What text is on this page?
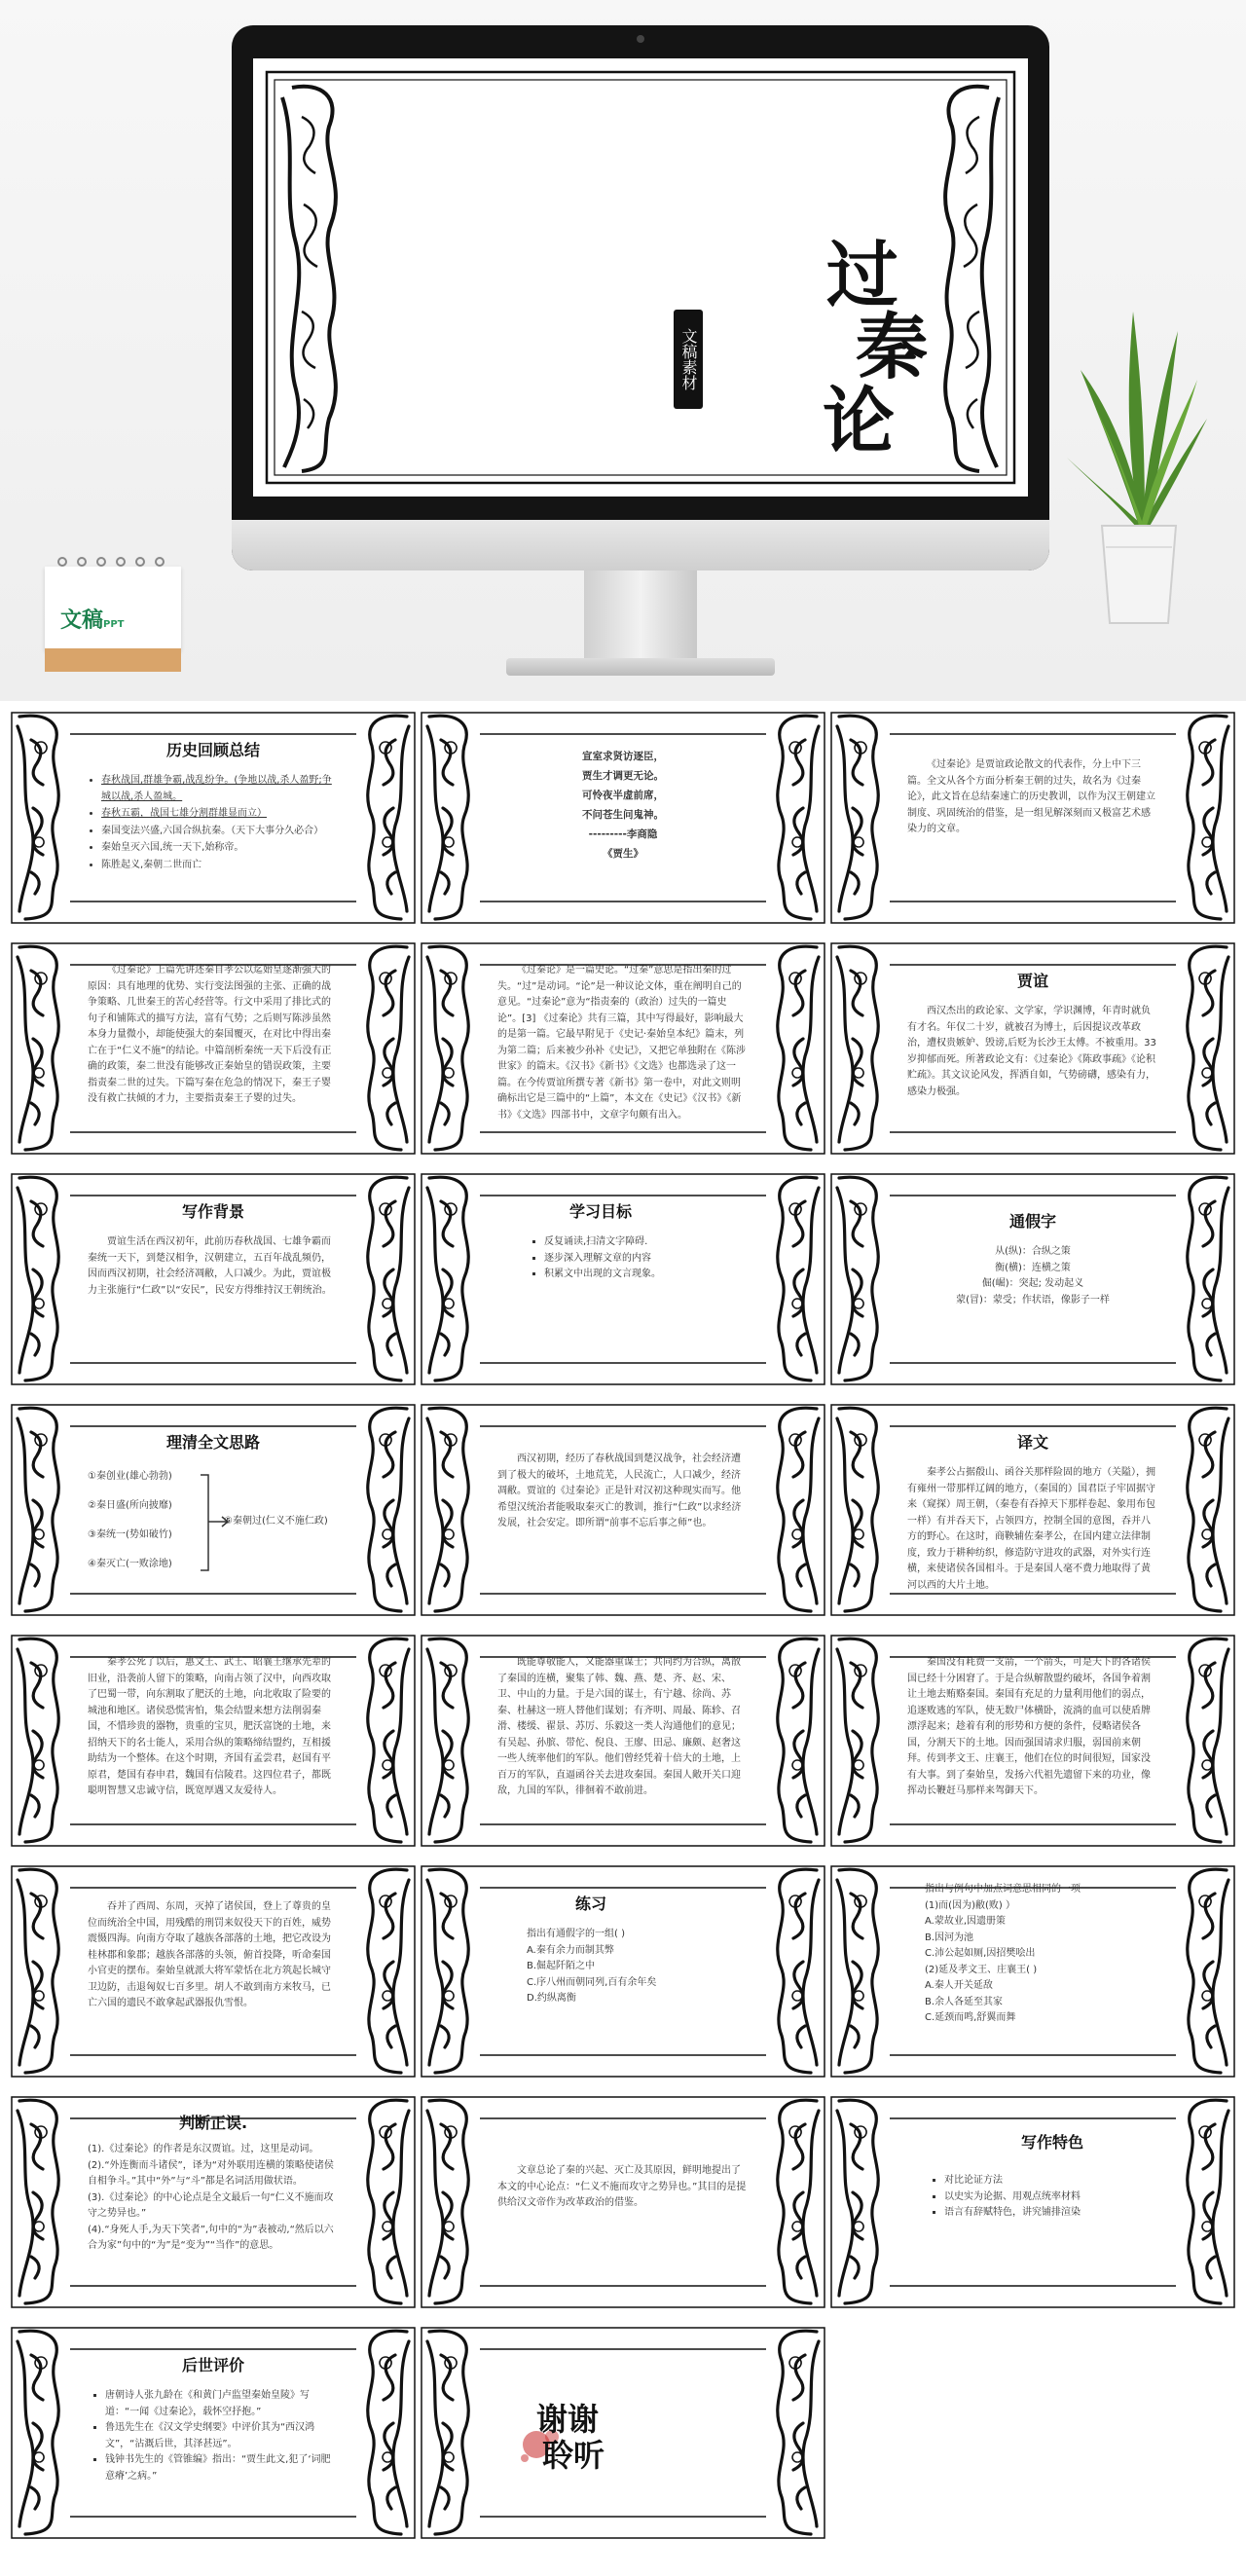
过
秦
论
文稿素材
文稿PPT
历史回顾总结
• 春秋战国,群雄争霸,战乱纷争。(争地以战,杀人盈野;争城以战,杀人盈城。
• 春秋五霸，战国七雄分割群雄显而立）
• 秦国变法兴盛,六国合纵抗秦。（天下大事分久必合）
• 秦始皇灭六国,统一天下,始称帝。
• 陈胜起义,秦朝二世而亡
宣室求贤访逐臣，
贾生才调更无论。
可怜夜半虚前席，
不问苍生问鬼神。
---------李商隐
《贾生》

《过秦论》是贾谊政论散文的代表作，分上中下三篇。全文从各个方面分析秦王朝的过失，故名为《过秦论》，此文旨在总结秦速亡的历史教训，以作为汉王朝建立制度、巩固统治的借鉴，是一组见解深刻而又极富艺术感染力的文章。

《过秦论》上篇先讲述秦自孝公以迄始皇逐渐强大的原因：具有地理的优势、实行变法图强的主张、正确的战争策略、几世秦王的苦心经营等。行文中采用了排比式的句子和铺陈式的描写方法，富有气势；之后则写陈涉虽然本身力量微小，却能使强大的秦国覆灭，在对比中得出秦亡在于“仁义不施”的结论。中篇剖析秦统一天下后没有正确的政策，秦二世没有能够改正秦始皇的错误政策，主要指责秦二世的过失。下篇写秦在危急的情况下，秦王子婴没有救亡扶倾的才力，主要指责秦王子婴的过失。

《过秦论》是一篇史论。“过秦”意思是指出秦的过失。“过”是动词。“论”是一种议论文体，重在阐明自己的意见。“过秦论”意为“指责秦的（政治）过失的一篇史论”。[3] 《过秦论》共有三篇，其中写得最好，影响最大的是第一篇。它最早附见于《史记·秦始皇本纪》篇末，列为第二篇；后来被少孙补《史记》，又把它单独附在《陈涉世家》的篇末。《汉书》《新书》《文选》也都选录了这一篇。在今传贾谊所撰专著《新书》第一卷中，对此文则明确标出它是三篇中的“上篇”，本文在《史记》《汉书》《新书》《文选》四部书中，文章字句颇有出入。

贾谊

西汉杰出的政论家、文学家，学识渊博，年青时就负有才名。年仅二十岁，就被召为博士，后因提议改革政治，遭权贵嫉妒、毁谤,后贬为长沙王太傅。不被重用。33岁抑郁而死。所著政论文有：《过秦论》《陈政事疏》《论积贮疏》。其文议论风发，挥洒自如，气势磅礴，感染有力，感染力极强。

写作背景

贾谊生活在西汉初年，此前历春秋战国、七雄争霸而秦统一天下，到楚汉相争，汉朝建立，五百年战乱频仍，因而西汉初期，社会经济凋敝，人口减少。为此，贾谊极力主张施行“仁政”以“安民”，民安方得维持汉王朝统治。

学习目标
▪ 反复诵读,扫清文字障碍.
▪ 逐步深入理解文章的内容
▪ 积累文中出现的文言现象。
通假字
从(纵)：合纵之策
衡(横)：连横之策
倔(崛)：突起; 发动起义
蒙(冒)：蒙受；作状语，像影子一样
理清全文思路
①秦创业(雄心勃勃)
②秦日盛(所向披靡)
③秦统一(势如破竹)
④秦灭亡(一败涂地)
⑤秦朝过(仁义不施仁政)

西汉初期，经历了春秋战国到楚汉战争，社会经济遭到了极大的破坏，土地荒芜，人民流亡，人口减少，经济凋敝。贾谊的《过秦论》正是针对汉初这种现实而写。他希望汉统治者能吸取秦灭亡的教训，推行“仁政”以求经济发展，社会安定。即所谓“前事不忘后事之师”也。

译文

秦孝公占据殽山、函谷关那样险固的地方（关隘），拥有雍州一带那样辽阔的地方，（秦国的）国君臣子牢固据守来（窥探）周王朝，（秦卷有吞掉天下那样卷起、象用布包一样）有并吞天下，占领四方，控制全国的意图，吞并八方的野心。在这时，商鞅辅佐秦孝公，在国内建立法律制度，致力于耕种纺织，修造防守进攻的武器，对外实行连横，来使诸侯各国相斗。于是秦国人毫不费力地取得了黄河以西的大片土地。

秦孝公死了以后，惠文王、武王、昭襄王继承先辈的旧业，沿袭前人留下的策略，向南占领了汉中，向西攻取了巴蜀一带，向东割取了肥沃的土地，向北收取了险要的城池和地区。诸侯恐慌害怕，集会结盟来想方法削弱秦国，不惜珍贵的器物，贵重的宝贝，肥沃富饶的土地，来招纳天下的名士能人，采用合纵的策略缔结盟约，互相援助结为一个整体。在这个时期，齐国有孟尝君，赵国有平原君，楚国有春申君，魏国有信陵君。这四位君子，都既聪明智慧又忠诚守信，既宽厚遇又友爱待人。

既能尊敬能人，又能器重谋士；共同约为合纵，离散了秦国的连横，聚集了韩、魏、燕、楚、齐、赵、宋、卫、中山的力量。于是六国的谋士，有宁越、徐尚、苏秦、杜赫这一班人替他们谋划；有齐明、周最、陈轸、召滑、楼缓、翟景、苏厉、乐毅这一类人沟通他们的意见；有吴起、孙膑、带佗、倪良、王廖、田忌、廉颇、赵奢这一些人统率他们的军队。他们曾经凭着十倍大的土地，上百万的军队，直逼函谷关去进攻秦国。秦国人敞开关口迎敌，九国的军队，徘徊着不敢前进。

秦国没有耗费一支箭，一个箭头，可是天下的各诸侯国已经十分困窘了。于是合纵解散盟约破坏，各国争着割让土地去贿赂秦国。秦国有充足的力量利用他们的弱点，追逐败逃的军队，使无数尸体横卧，流淌的血可以使盾牌漂浮起来；趁着有利的形势和方便的条件，侵略诸侯各国，分割天下的土地。因而强国请求归服，弱国前来朝拜。传到孝文王、庄襄王，他们在位的时间很短，国家没有大事。到了秦始皇，发扬六代祖先遗留下来的功业，像挥动长鞭赶马那样来驾御天下。

吞并了西周、东周，灭掉了诸侯国，登上了尊贵的皇位而统治全中国，用残酷的刑罚来奴役天下的百姓，威势震慑四海。向南方夺取了越族各部落的土地，把它改设为桂林郡和象郡；越族各部落的头领，俯首投降，听命秦国小官吏的摆布。秦始皇就派大将军蒙恬在北方筑起长城守卫边防，击退匈奴七百多里。胡人不敢到南方来牧马，已亡六国的遗民不敢拿起武器报仇雪恨。

练习
指出有通假字的一组( )
A.秦有余力而制其弊
B.倔起阡陌之中
C.序八州而朝同列,百有余年矣
D.约纵离衡
指出与例句中加点词意思相同的一项
(1)而(因为)敝(败) ）
A.蒙故业,因遗册策
B.因河为池
C.沛公起如厕,因招樊哙出
(2)延及孝文王、庄襄王( )
A.秦人开关延敌
B.余人各延至其家
C.延颈而鸣,舒翼而舞
判断正误.
(1).《过秦论》的作者是东汉贾谊。过，这里是动词。
(2).“外连衡而斗诸侯”，译为“对外联用连横的策略使诸侯自相争斗。”其中“外”与“斗”都是名词活用做状语。
(3).《过秦论》的中心论点是全文最后一句“仁义不施而攻守之势异也。”
(4).“身死人手,为天下笑者”,句中的“为”表被动,“然后以六合为家”句中的“为”是“变为”“当作”的意思。

文章总论了秦的兴起、灭亡及其原因，鲜明地提出了本文的中心论点：“仁义不施而攻守之势异也。”其目的是提供给汉文帝作为改革政治的借鉴。

写作特色
▪ 对比论证方法
▪ 以史实为论据、用观点统率材料
▪ 语言有辞赋特色，讲究铺排渲染
后世评价
▪ 唐朝诗人张九龄在《和黄门卢监望秦始皇陵》写道：“一闻《过秦论》，载怀空抒抱。”
▪ 鲁迅先生在《汉文学史纲要》中评价其为“西汉鸿文”，“沾溉后世，其泽甚远”。
▪ 钱钟书先生的《管锥编》指出：“贾生此文,犯了‘词肥意瘠’之病。”
谢谢
聆听
